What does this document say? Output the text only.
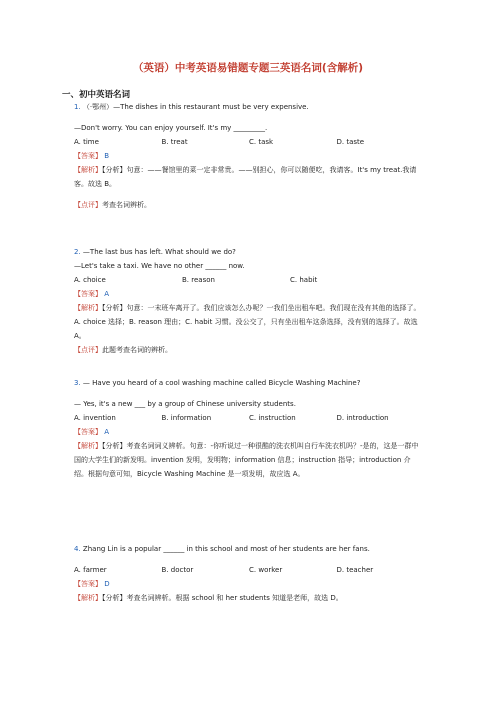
（英语）中考英语易错题专题三英语名词(含解析)
一、初中英语名词
1. （·鄂州）—The dishes in this restaurant must be very expensive.
—Don't worry. You can enjoy yourself. It's my _________.
A. time	B. treat	C. task	D. taste
【答案】 B
【解析】【分析】句意：——餐馆里的菜一定非常贵。——别担心，你可以随便吃，我请客。It's my treat.我请客。故选 B。
【点评】考查名词辨析。
2. —The last bus has left. What should we do?
—Let's take a taxi. We have no other ______ now.
A. choice	B. reason	C. habit
【答案】 A
【解析】【分析】句意：一末班车离开了。我们应该怎么办呢？一我们坐出租车吧。我们现在没有其他的选择了。A. choice 选择；B. reason 理由；C. habit 习惯。没公交了，只有坐出租车这条选择，没有别的选择了。故选 A。
【点评】此题考查名词的辨析。
3. — Have you heard of a cool washing machine called Bicycle Washing Machine?
— Yes, it's a new ___ by a group of Chinese university students.
A. invention	B. information	C. instruction	D. introduction
【答案】 A
【解析】【分析】考查名词词义辨析。句意：-你听说过一种很酷的洗衣机叫自行车洗衣机吗？-是的，这是一群中国的大学生们的新发明。invention 发明，发明物；information 信息；instruction 指导；introduction 介绍。根据句意可知，Bicycle Washing Machine 是一项发明，故应选 A。
4. Zhang Lin is a popular ______ in this school and most of her students are her fans.
A. farmer	B. doctor	C. worker	D. teacher
【答案】 D
【解析】【分析】考查名词辨析。根据 school 和 her students 知道是老师，故选 D。
